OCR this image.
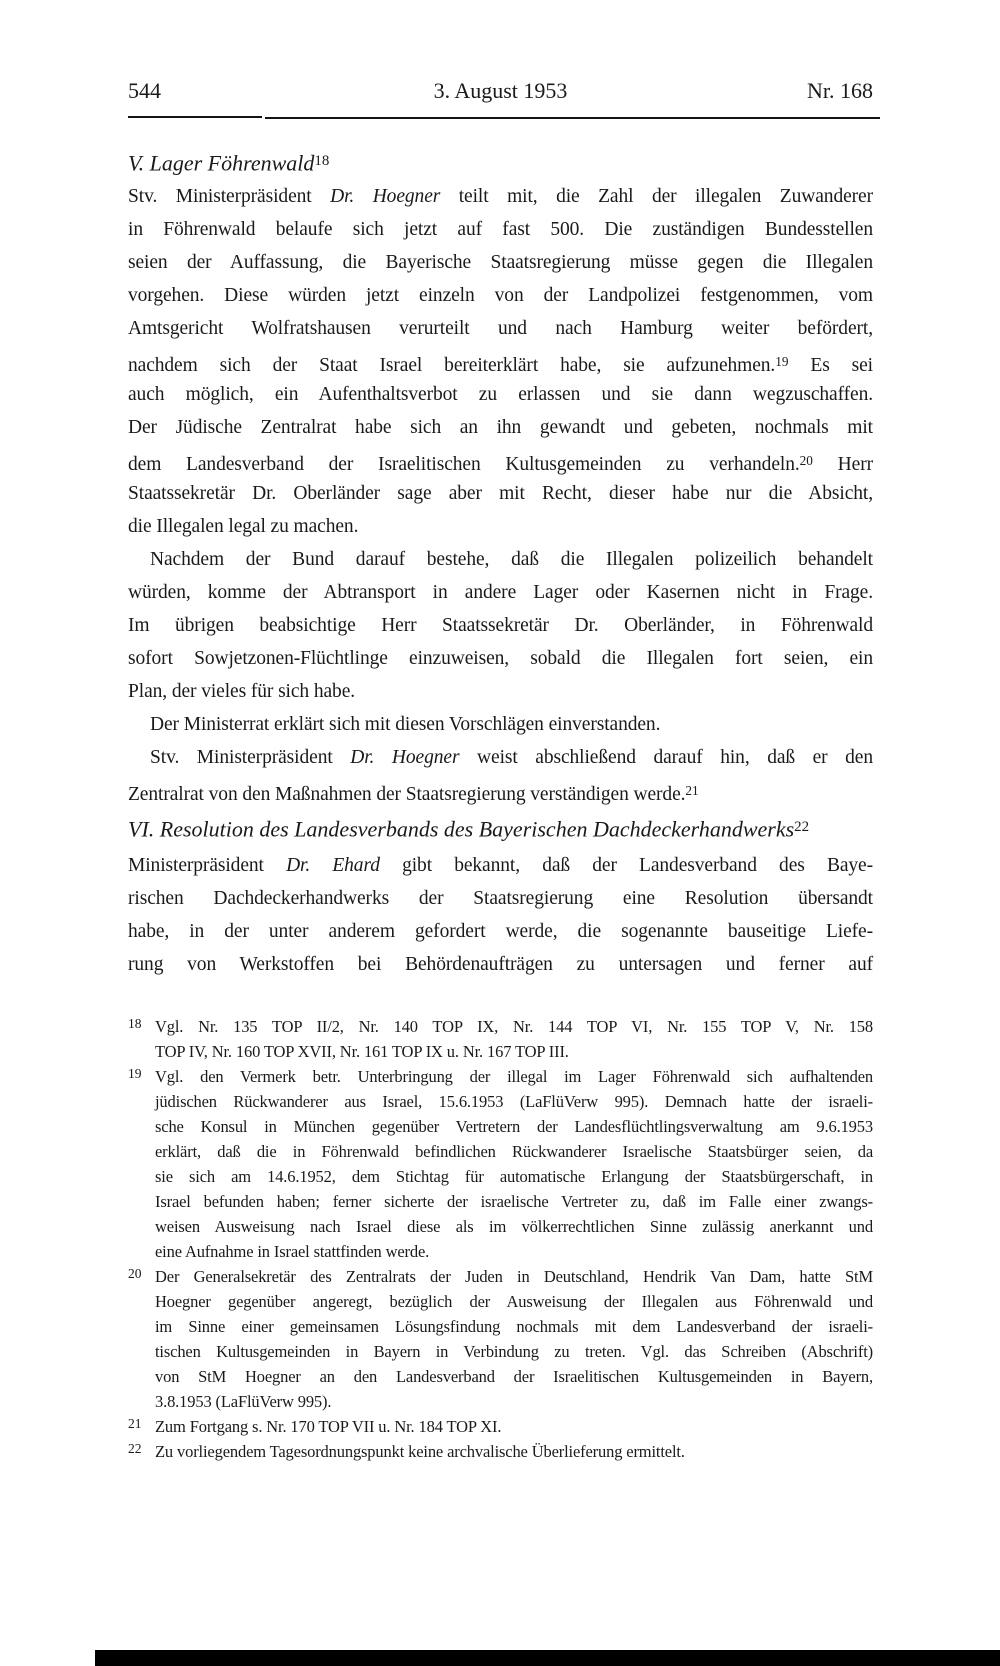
544	3. August 1953	Nr. 168
V. Lager Föhrenwald$^{18}$
Stv. Ministerpräsident Dr. Hoegner teilt mit, die Zahl der illegalen Zuwanderer
in Föhrenwald belaufe sich jetzt auf fast 500. Die zuständigen Bundesstellen
seien der Auffassung, die Bayerische Staatsregierung müsse gegen die Illegalen
vorgehen. Diese würden jetzt einzeln von der Landpolizei festgenommen, vom
Amtsgericht Wolfratshausen verurteilt und nach Hamburg weiter befördert,
nachdem sich der Staat Israel bereiterklärt habe, sie aufzunehmen.$^{19}$ Es sei
auch möglich, ein Aufenthaltsverbot zu erlassen und sie dann wegzuschaffen.
Der Jüdische Zentralrat habe sich an ihn gewandt und gebeten, nochmals mit
dem Landesverband der Israelitischen Kultusgemeinden zu verhandeln.$^{20}$ Herr
Staatssekretär Dr. Oberländer sage aber mit Recht, dieser habe nur die Absicht,
die Illegalen legal zu machen.
Nachdem der Bund darauf bestehe, daß die Illegalen polizeilich behandelt
würden, komme der Abtransport in andere Lager oder Kasernen nicht in Frage.
Im übrigen beabsichtige Herr Staatssekretär Dr. Oberländer, in Föhrenwald
sofort Sowjetzonen-Flüchtlinge einzuweisen, sobald die Illegalen fort seien, ein
Plan, der vieles für sich habe.
Der Ministerrat erklärt sich mit diesen Vorschlägen einverstanden.
Stv. Ministerpräsident Dr. Hoegner weist abschließend darauf hin, daß er den
Zentralrat von den Maßnahmen der Staatsregierung verständigen werde.$^{21}$
VI. Resolution des Landesverbands des Bayerischen Dachdeckerhandwerks$^{22}$
Ministerpräsident Dr. Ehard gibt bekannt, daß der Landesverband des Baye-
rischen Dachdeckerhandwerks der Staatsregierung eine Resolution übersandt
habe, in der unter anderem gefordert werde, die sogenannte bauseitige Liefe-
rung von Werkstoffen bei Behördenaufträgen zu untersagen und ferner auf
18 Vgl. Nr. 135 TOP II/2, Nr. 140 TOP IX, Nr. 144 TOP VI, Nr. 155 TOP V, Nr. 158
TOP IV, Nr. 160 TOP XVII, Nr. 161 TOP IX u. Nr. 167 TOP III.
19 Vgl. den Vermerk betr. Unterbringung der illegal im Lager Föhrenwald sich aufhaltenden
jüdischen Rückwanderer aus Israel, 15.6.1953 (LaFlüVerw 995). Demnach hatte der israeli-
sche Konsul in München gegenüber Vertretern der Landesflüchtlingsverwaltung am 9.6.1953
erklärt, daß die in Föhrenwald befindlichen Rückwanderer Israelische Staatsbürger seien, da
sie sich am 14.6.1952, dem Stichtag für automatische Erlangung der Staatsbürgerschaft, in
Israel befunden haben; ferner sicherte der israelische Vertreter zu, daß im Falle einer zwangs-
weisen Ausweisung nach Israel diese als im völkerrechtlichen Sinne zulässig anerkannt und
eine Aufnahme in Israel stattfinden werde.
20 Der Generalsekretär des Zentralrats der Juden in Deutschland, Hendrik Van Dam, hatte StM
Hoegner gegenüber angeregt, bezüglich der Ausweisung der Illegalen aus Föhrenwald und
im Sinne einer gemeinsamen Lösungsfindung nochmals mit dem Landesverband der israeli-
tischen Kultusgemeinden in Bayern in Verbindung zu treten. Vgl. das Schreiben (Abschrift)
von StM Hoegner an den Landesverband der Israelitischen Kultusgemeinden in Bayern,
3.8.1953 (LaFlüVerw 995).
21 Zum Fortgang s. Nr. 170 TOP VII u. Nr. 184 TOP XI.
22 Zu vorliegendem Tagesordnungspunkt keine archvalische Überlieferung ermittelt.
